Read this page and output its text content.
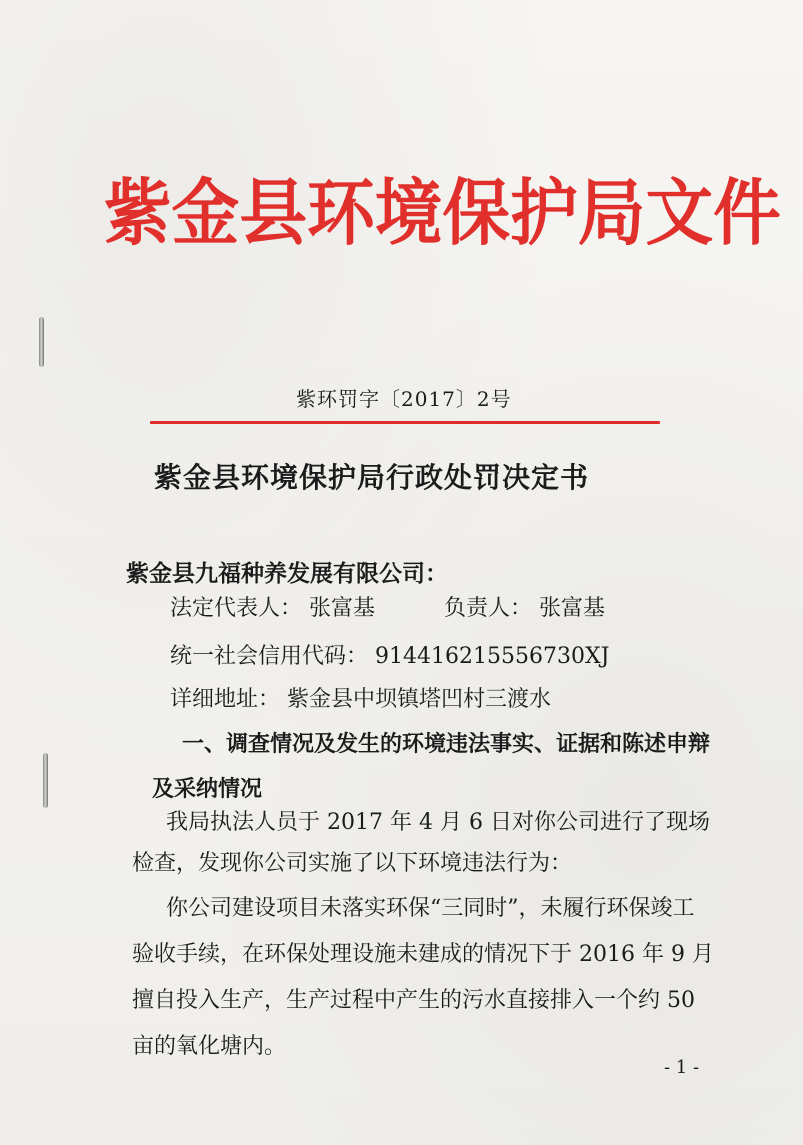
紫金县环境保护局文件
紫环罚字〔2017〕2号
紫金县环境保护局行政处罚决定书
紫金县九福种养发展有限公司：
法定代表人： 张富基	负责人： 张富基
统一社会信用代码： 914416215556730XJ
详细地址： 紫金县中坝镇塔凹村三渡水
一、调查情况及发生的环境违法事实、证据和陈述申辩及采纳情况
我局执法人员于 2017 年 4 月 6 日对你公司进行了现场
检查，发现你公司实施了以下环境违法行为：
你公司建设项目未落实环保“三同时”，未履行环保竣工
验收手续，在环保处理设施未建成的情况下于 2016 年 9 月
擅自投入生产，生产过程中产生的污水直接排入一个约 50
亩的氧化塘内。
- 1 -
